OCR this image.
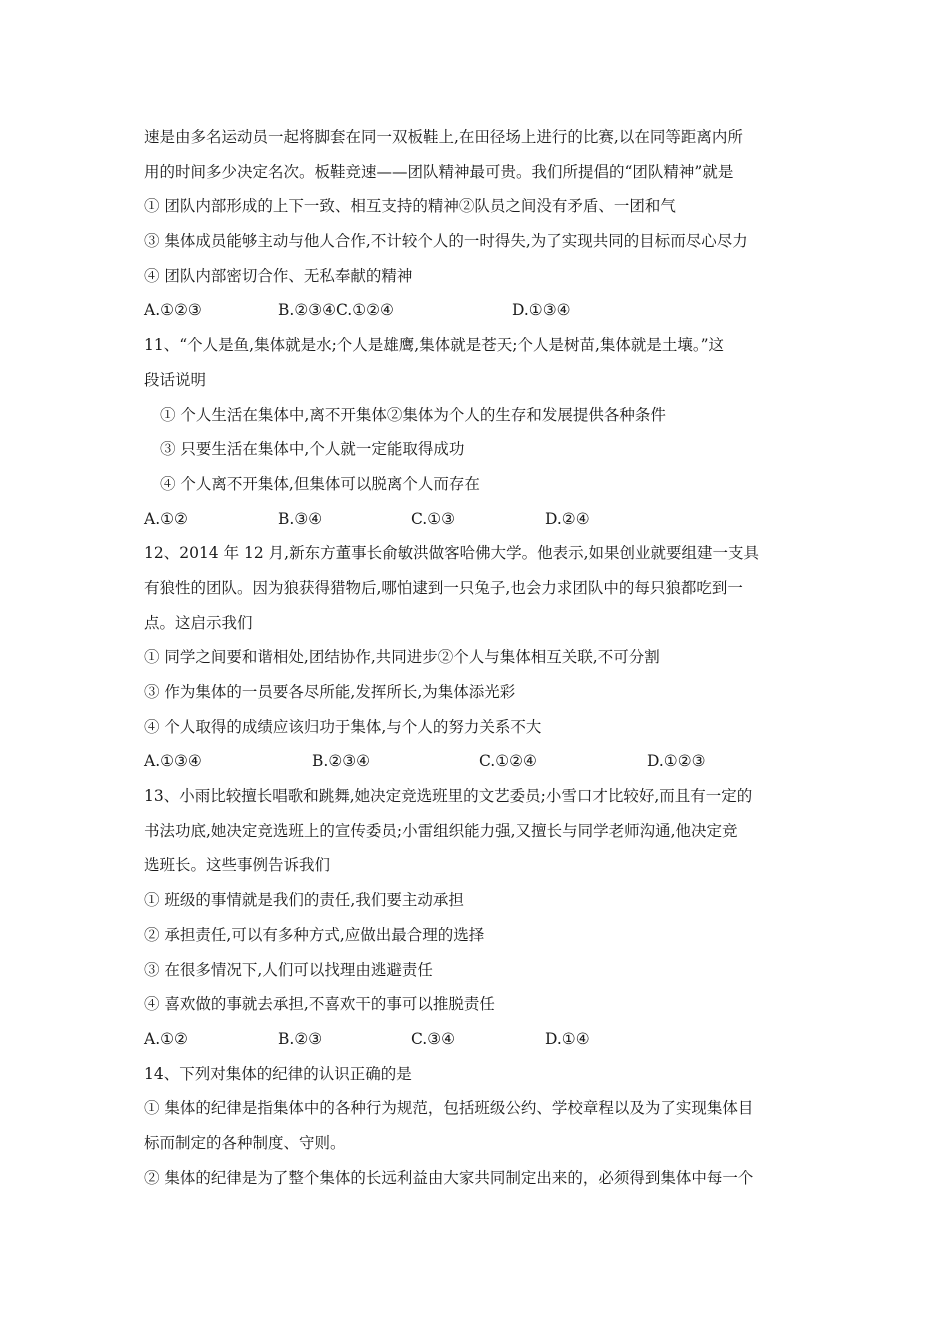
速是由多名运动员一起将脚套在同一双板鞋上,在田径场上进行的比赛,以在同等距离内所
用的时间多少决定名次。板鞋竞速——团队精神最可贵。我们所提倡的“团队精神”就是
① 团队内部形成的上下一致、相互支持的精神②队员之间没有矛盾、一团和气
③ 集体成员能够主动与他人合作,不计较个人的一时得失,为了实现共同的目标而尽心尽力
④ 团队内部密切合作、无私奉献的精神
A.①②③	B.②③④C.①②④	D.①③④
11、“个人是鱼,集体就是水;个人是雄鹰,集体就是苍天;个人是树苗,集体就是土壤。”这
段话说明
① 个人生活在集体中,离不开集体②集体为个人的生存和发展提供各种条件
③ 只要生活在集体中,个人就一定能取得成功
④ 个人离不开集体,但集体可以脱离个人而存在
A.①②	B.③④	C.①③	D.②④
12、2014 年 12 月,新东方董事长俞敏洪做客哈佛大学。他表示,如果创业就要组建一支具
有狼性的团队。因为狼获得猎物后,哪怕逮到一只兔子,也会力求团队中的每只狼都吃到一
点。这启示我们
① 同学之间要和谐相处,团结协作,共同进步②个人与集体相互关联,不可分割
③ 作为集体的一员要各尽所能,发挥所长,为集体添光彩
④ 个人取得的成绩应该归功于集体,与个人的努力关系不大
A.①③④	B.②③④	C.①②④	D.①②③
13、小雨比较擅长唱歌和跳舞,她决定竞选班里的文艺委员;小雪口才比较好,而且有一定的
书法功底,她决定竞选班上的宣传委员;小雷组织能力强,又擅长与同学老师沟通,他决定竞
选班长。这些事例告诉我们
① 班级的事情就是我们的责任,我们要主动承担
② 承担责任,可以有多种方式,应做出最合理的选择
③ 在很多情况下,人们可以找理由逃避责任
④ 喜欢做的事就去承担,不喜欢干的事可以推脱责任
A.①②	B.②③	C.③④	D.①④
14、下列对集体的纪律的认识正确的是
① 集体的纪律是指集体中的各种行为规范，包括班级公约、学校章程以及为了实现集体目
标而制定的各种制度、守则。
② 集体的纪律是为了整个集体的长远利益由大家共同制定出来的，必须得到集体中每一个
